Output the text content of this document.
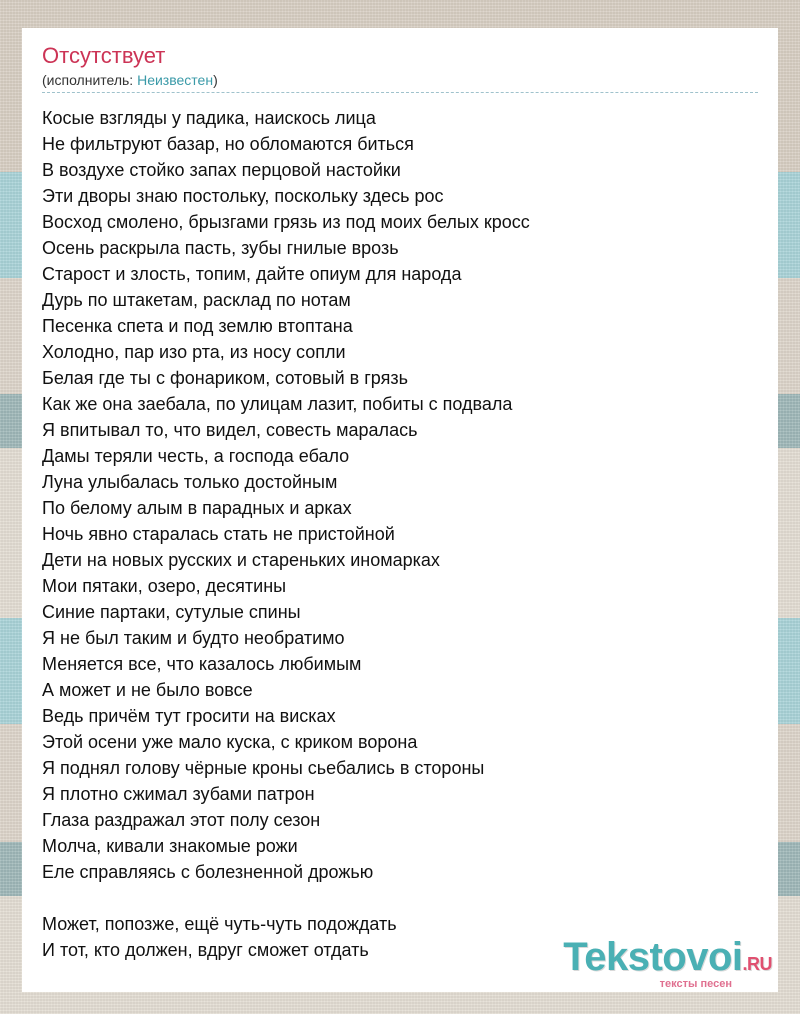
Отсутствует
(исполнитель: Неизвестен)
Косые взгляды у падика, наискось лица
Не фильтруют базар, но обломаются биться
В воздухе стойко запах перцовой настойки
Эти дворы знаю постольку, поскольку здесь рос
Восход смолено, брызгами грязь из под моих белых кросс
Осень раскрыла пасть, зубы гнилые врозь
Старост и злость, топим, дайте опиум для народа
Дурь по штакетам, расклад по нотам
Песенка спета и под землю втоптана
Холодно, пар изо рта, из носу сопли
Белая где ты с фонариком, сотовый в грязь
Как же она заебала, по улицам лазит, побиты с подвала
Я впитывал то, что видел, совесть маралась
Дамы теряли честь, а господа ебало
Луна улыбалась только достойным
По белому алым в парадных и арках
Ночь явно старалась стать не пристойной
Дети на новых русских и стареньких иномарках
Мои пятаки, озеро, десятины
Синие партаки, сутулые спины
Я не был таким и будто необратимо
Меняется все, что казалось любимым
А может и не было вовсе
Ведь причём тут гросити на висках
Этой осени уже мало куска, с криком ворона
Я поднял голову чёрные кроны сьебались в стороны
Я плотно сжимал зубами патрон
Глаза раздражал этот полу сезон
Молча, кивали знакомые рожи
Еле справляясь с болезненной дрожью
Может, попозже, ещё чуть-чуть подождать
И тот, кто должен, вдруг сможет отдать	Tekstovoi.RU
тексты песен
